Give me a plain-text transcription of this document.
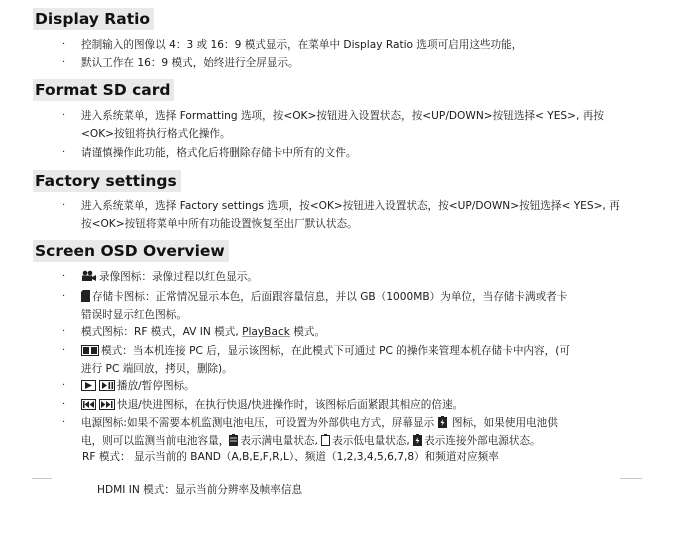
Display Ratio
· 控制输入的图像以 4：3 或 16：9 模式显示，在菜单中 Display Ratio 选项可启用这些功能，
· 默认工作在 16：9 模式，始终进行全屏显示。
Format SD card
· 进入系统菜单，选择 Formatting 选项，按<OK>按钮进入设置状态，按<UP/DOWN>按钮选择< YES>, 再按
<OK>按钮将执行格式化操作。
· 请谨慎操作此功能，格式化后将删除存储卡中所有的文件。
Factory settings
· 进入系统菜单，选择 Factory settings 选项，按<OK>按钮进入设置状态，按<UP/DOWN>按钮选择< YES>, 再
按<OK>按钮将菜单中所有功能设置恢复至出厂默认状态。
Screen OSD Overview
·	录像图标：录像过程以红色显示。
·	存储卡图标：正常情况显示本色，后面跟容量信息，并以 GB（1000MB）为单位，当存储卡满或者卡
错误时显示红色图标。
· 模式图标：RF 模式，AV IN 模式, PlayBack 模式。
·	模式：当本机连接 PC 后，显示该图标，在此模式下可通过 PC 的操作来管理本机存储卡中内容，(可
进行 PC 端回放，拷贝，删除)。
·	播放/暂停图标。
·	快退/快进图标，在执行快退/快进操作时，该图标后面紧跟其相应的倍速。
· 电源图标:如果不需要本机监测电池电压，可设置为外部供电方式，屏幕显示  图标，如果使用电池供
电，则可以监测当前电池容量， 表示满电量状态, 表示低电量状态, 表示连接外部电源状态。
RF 模式： 显示当前的 BAND（A,B,E,F,R,L）、频道（1,2,3,4,5,6,7,8）和频道对应频率
HDMI IN 模式：显示当前分辨率及帧率信息
